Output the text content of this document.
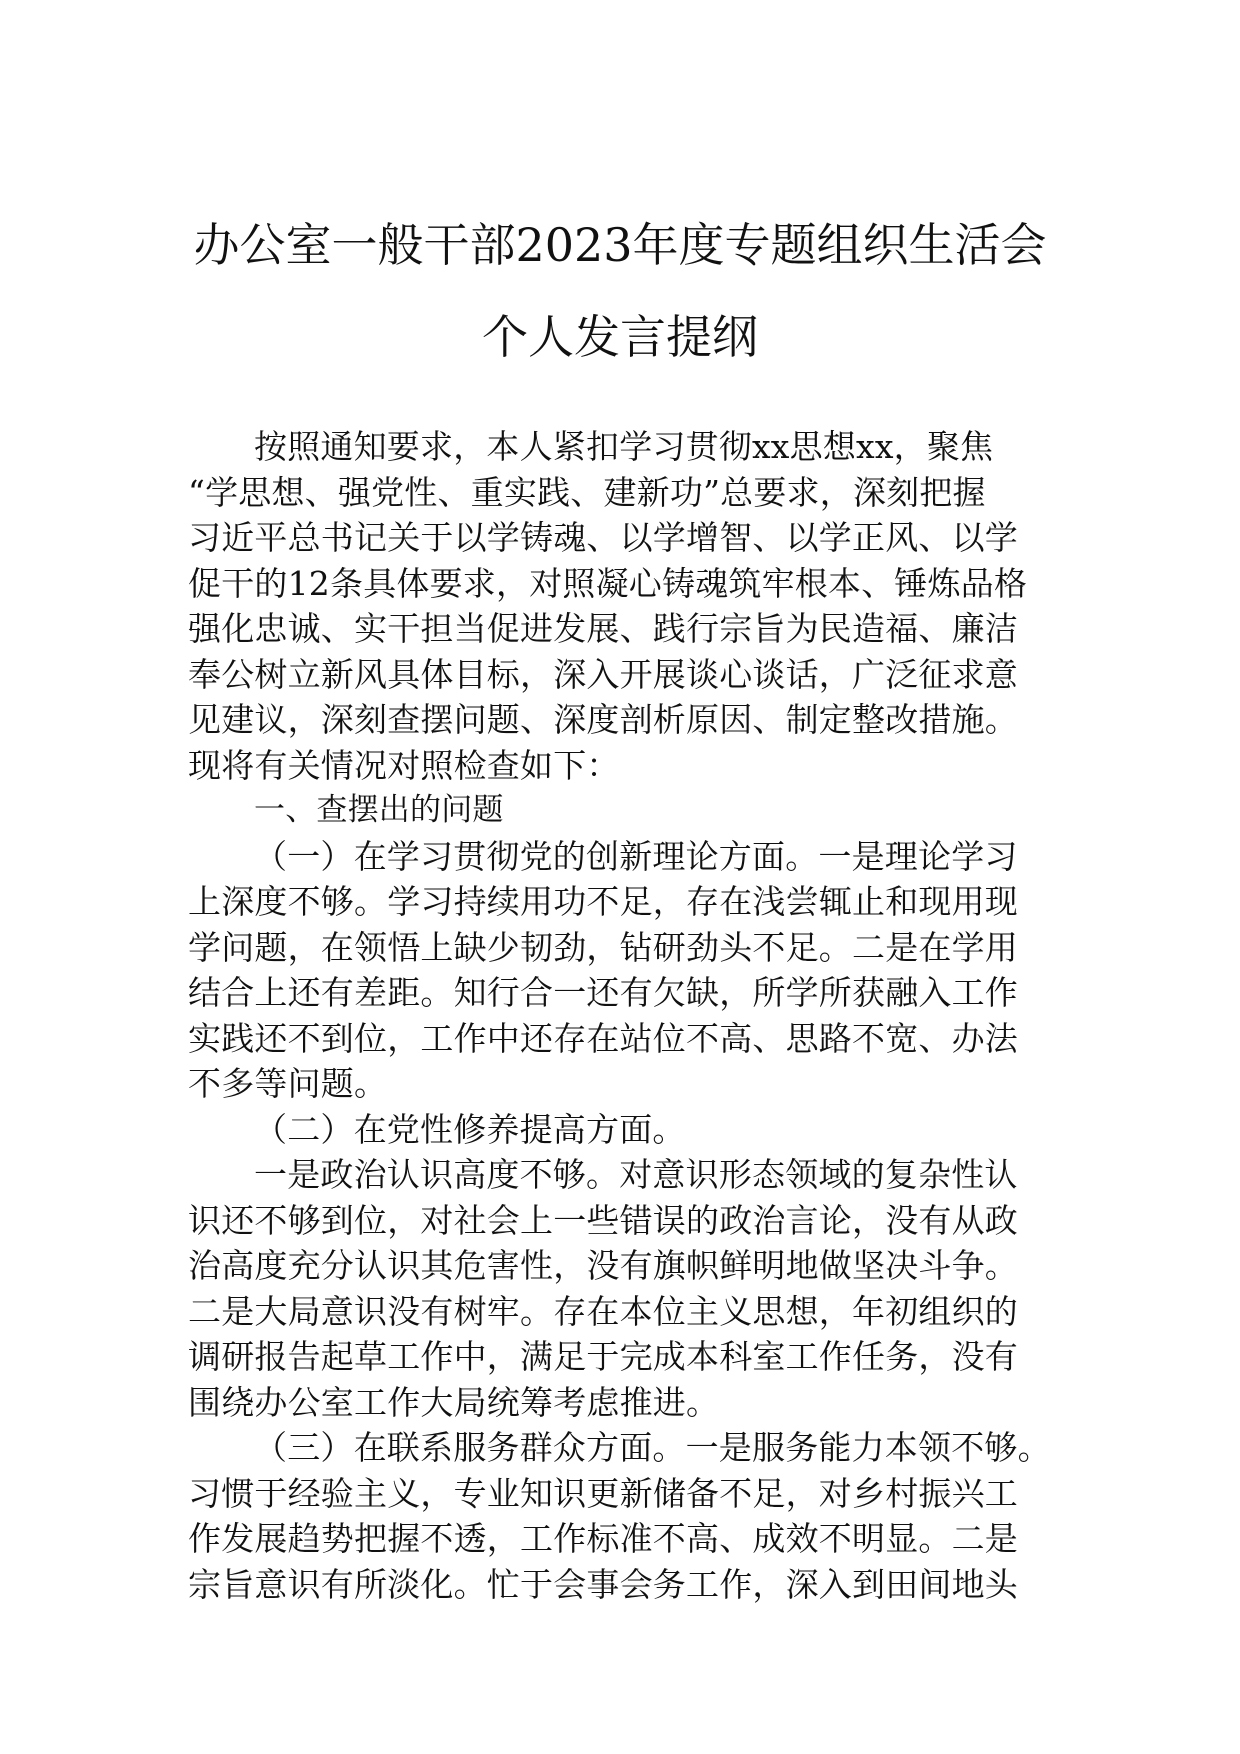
办公室一般干部2023年度专题组织生活会
个人发言提纲
按照通知要求，本人紧扣学习贯彻xx思想xx，聚焦
“学思想、强党性、重实践、建新功”总要求，深刻把握
习近平总书记关于以学铸魂、以学增智、以学正风、以学
促干的12条具体要求，对照凝心铸魂筑牢根本、锤炼品格
强化忠诚、实干担当促进发展、践行宗旨为民造福、廉洁
奉公树立新风具体目标，深入开展谈心谈话，广泛征求意
见建议，深刻查摆问题、深度剖析原因、制定整改措施。
现将有关情况对照检查如下：
一、查摆出的问题
（一）在学习贯彻党的创新理论方面。一是理论学习
上深度不够。学习持续用功不足，存在浅尝辄止和现用现
学问题，在领悟上缺少韧劲，钻研劲头不足。二是在学用
结合上还有差距。知行合一还有欠缺，所学所获融入工作
实践还不到位，工作中还存在站位不高、思路不宽、办法
不多等问题。
（二）在党性修养提高方面。
一是政治认识高度不够。对意识形态领域的复杂性认
识还不够到位，对社会上一些错误的政治言论，没有从政
治高度充分认识其危害性，没有旗帜鲜明地做坚决斗争。
二是大局意识没有树牢。存在本位主义思想，年初组织的
调研报告起草工作中，满足于完成本科室工作任务，没有
围绕办公室工作大局统筹考虑推进。
（三）在联系服务群众方面。一是服务能力本领不够。
习惯于经验主义，专业知识更新储备不足，对乡村振兴工
作发展趋势把握不透，工作标准不高、成效不明显。二是
宗旨意识有所淡化。忙于会事会务工作，深入到田间地头
